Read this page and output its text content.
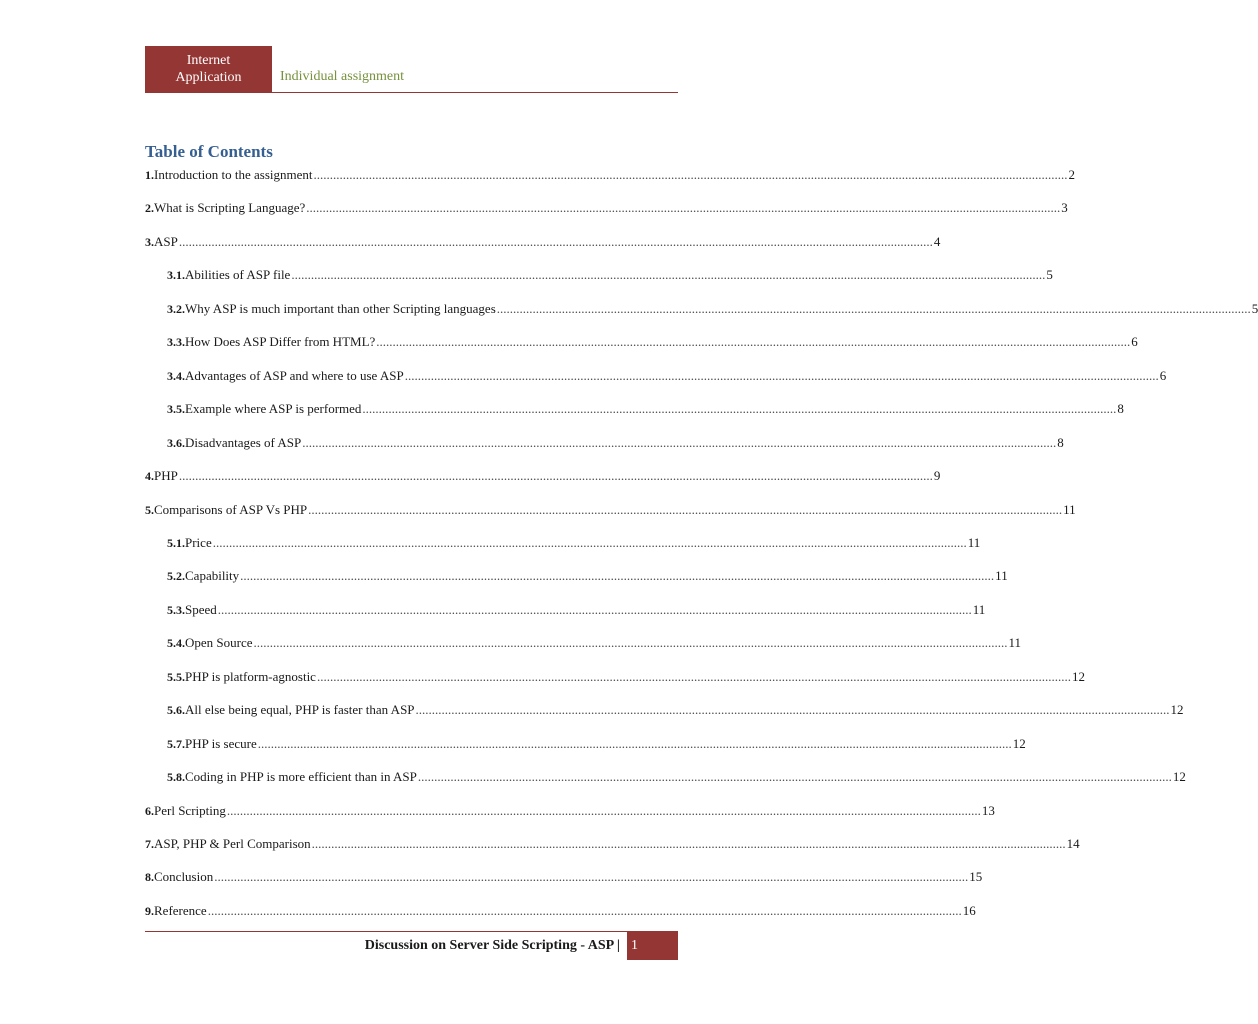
Internet
Application	Individual assignment
Table of Contents
1. Introduction to the assignment .....	2
2. What is Scripting Language? .....	3
3. ASP .....	4
3.1. Abilities of ASP file .....	5
3.2. Why ASP is much important than other Scripting languages .....	5
3.3. How Does ASP Differ from HTML? .....	6
3.4. Advantages of ASP and where to use ASP .....	6
3.5. Example where ASP is performed .....	8
3.6. Disadvantages of ASP .....	8
4. PHP .....	9
5. Comparisons of ASP Vs PHP .....	11
5.1. Price .....	11
5.2. Capability .....	11
5.3. Speed .....	11
5.4. Open Source .....	11
5.5. PHP is platform-agnostic .....	12
5.6. All else being equal, PHP is faster than ASP .....	12
5.7. PHP is secure .....	12
5.8. Coding in PHP is more efficient than in ASP .....	12
6. Perl Scripting .....	13
7. ASP, PHP & Perl Comparison .....	14
8. Conclusion .....	15
9. Reference .....	16
Discussion on Server Side Scripting - ASP | 1
